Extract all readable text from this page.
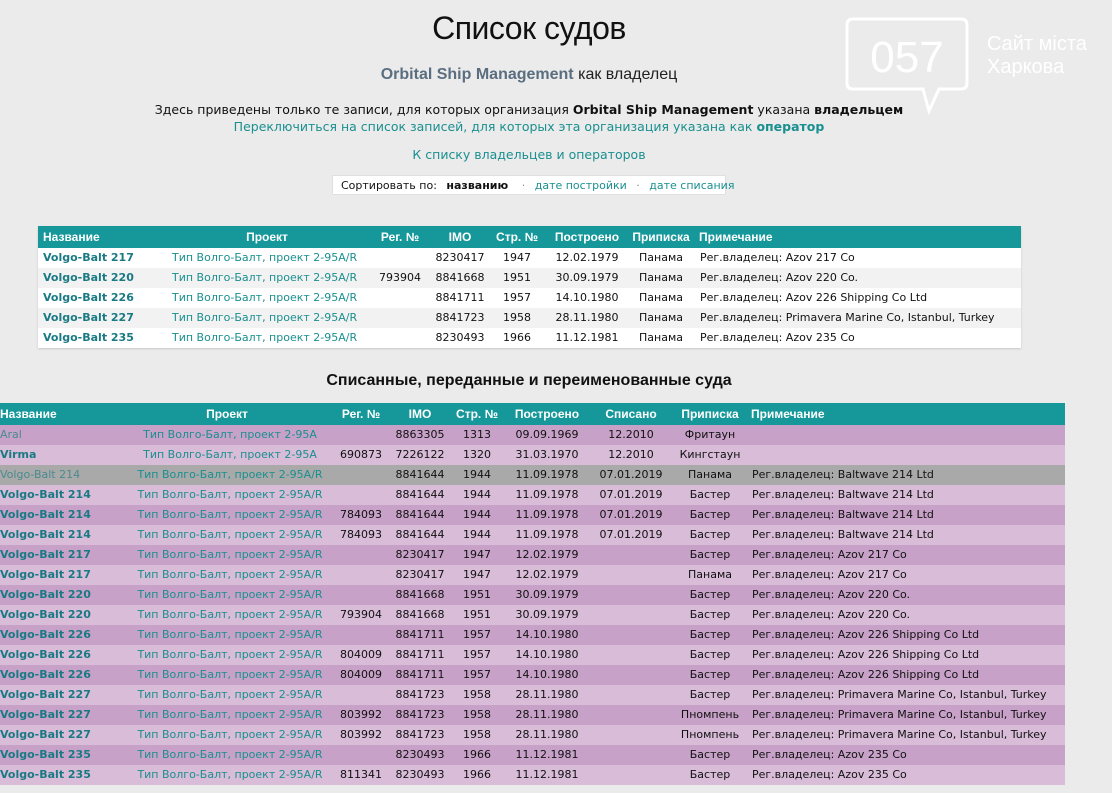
Список судов
Orbital Ship Management как владелец
Здесь приведены только те записи, для которых организация Orbital Ship Management указана владельцем
Переключиться на список записей, для которых эта организация указана как оператор
К списку владельцев и операторов
Сортировать по: названию · дате постройки · дате списания
057 Сайт міста
Харкова
Название	Проект	Рег. №	IMO	Стр. №	Построено	Приписка	Примечание
Volgo-Balt 217	Тип Волго-Балт, проект 2-95A/R		8230417	1947	12.02.1979	Панама	Рег.владелец: Azov 217 Co
Volgo-Balt 220	Тип Волго-Балт, проект 2-95A/R	793904	8841668	1951	30.09.1979	Панама	Рег.владелец: Azov 220 Co.
Volgo-Balt 226	Тип Волго-Балт, проект 2-95A/R		8841711	1957	14.10.1980	Панама	Рег.владелец: Azov 226 Shipping Co Ltd
Volgo-Balt 227	Тип Волго-Балт, проект 2-95A/R		8841723	1958	28.11.1980	Панама	Рег.владелец: Primavera Marine Co, Istanbul, Turkey
Volgo-Balt 235	Тип Волго-Балт, проект 2-95A/R		8230493	1966	11.12.1981	Панама	Рег.владелец: Azov 235 Co
Списанные, переданные и переименованные суда
Название	Проект	Рег. №	IMO	Стр. №	Построено	Списано	Приписка	Примечание
Aral	Тип Волго-Балт, проект 2-95A		8863305	1313	09.09.1969	12.2010	Фритаун	
Virma	Тип Волго-Балт, проект 2-95A	690873	7226122	1320	31.03.1970	12.2010	Кингстаун	
Volgo-Balt 214	Тип Волго-Балт, проект 2-95A/R		8841644	1944	11.09.1978	07.01.2019	Панама	Рег.владелец: Baltwave 214 Ltd
Volgo-Balt 214	Тип Волго-Балт, проект 2-95A/R		8841644	1944	11.09.1978	07.01.2019	Бастер	Рег.владелец: Baltwave 214 Ltd
Volgo-Balt 214	Тип Волго-Балт, проект 2-95A/R	784093	8841644	1944	11.09.1978	07.01.2019	Бастер	Рег.владелец: Baltwave 214 Ltd
Volgo-Balt 214	Тип Волго-Балт, проект 2-95A/R	784093	8841644	1944	11.09.1978	07.01.2019	Бастер	Рег.владелец: Baltwave 214 Ltd
Volgo-Balt 217	Тип Волго-Балт, проект 2-95A/R		8230417	1947	12.02.1979		Бастер	Рег.владелец: Azov 217 Co
Volgo-Balt 217	Тип Волго-Балт, проект 2-95A/R		8230417	1947	12.02.1979		Панама	Рег.владелец: Azov 217 Co
Volgo-Balt 220	Тип Волго-Балт, проект 2-95A/R		8841668	1951	30.09.1979		Бастер	Рег.владелец: Azov 220 Co.
Volgo-Balt 220	Тип Волго-Балт, проект 2-95A/R	793904	8841668	1951	30.09.1979		Бастер	Рег.владелец: Azov 220 Co.
Volgo-Balt 226	Тип Волго-Балт, проект 2-95A/R		8841711	1957	14.10.1980		Бастер	Рег.владелец: Azov 226 Shipping Co Ltd
Volgo-Balt 226	Тип Волго-Балт, проект 2-95A/R	804009	8841711	1957	14.10.1980		Бастер	Рег.владелец: Azov 226 Shipping Co Ltd
Volgo-Balt 226	Тип Волго-Балт, проект 2-95A/R	804009	8841711	1957	14.10.1980		Бастер	Рег.владелец: Azov 226 Shipping Co Ltd
Volgo-Balt 227	Тип Волго-Балт, проект 2-95A/R		8841723	1958	28.11.1980		Бастер	Рег.владелец: Primavera Marine Co, Istanbul, Turkey
Volgo-Balt 227	Тип Волго-Балт, проект 2-95A/R	803992	8841723	1958	28.11.1980		Пномпень	Рег.владелец: Primavera Marine Co, Istanbul, Turkey
Volgo-Balt 227	Тип Волго-Балт, проект 2-95A/R	803992	8841723	1958	28.11.1980		Пномпень	Рег.владелец: Primavera Marine Co, Istanbul, Turkey
Volgo-Balt 235	Тип Волго-Балт, проект 2-95A/R		8230493	1966	11.12.1981		Бастер	Рег.владелец: Azov 235 Co
Volgo-Balt 235	Тип Волго-Балт, проект 2-95A/R	811341	8230493	1966	11.12.1981		Бастер	Рег.владелец: Azov 235 Co
